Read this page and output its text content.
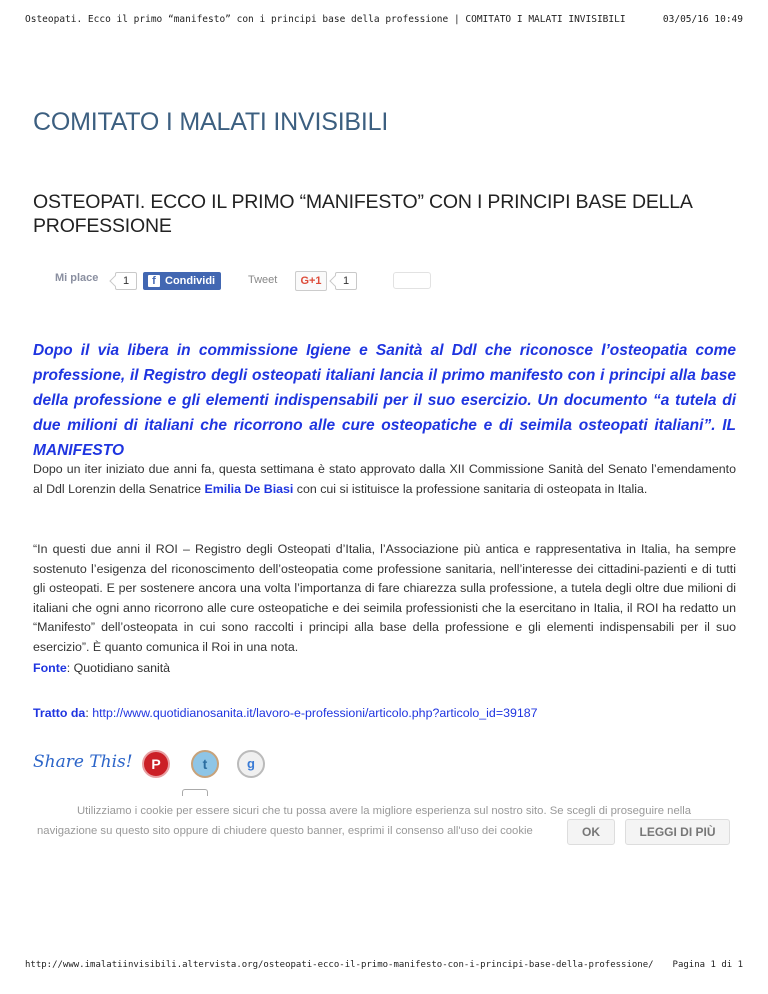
Osteopati. Ecco il primo “manifesto” con i principi base della professione | COMITATO I MALATI INVISIBILI	03/05/16 10:49
COMITATO I MALATI INVISIBILI
OSTEOPATI. ECCO IL PRIMO “MANIFESTO” CON I PRINCIPI BASE DELLA PROFESSIONE
Mi place	1	f Condividi	Tweet	G+1	1

Dopo il via libera in commissione Igiene e Sanità al Ddl che riconosce l’osteopatia come professione, il Registro degli osteopati italiani lancia il primo manifesto con i principi alla base della professione e gli elementi indispensabili per il suo esercizio. Un documento “a tutela di due milioni di italiani che ricorrono alle cure osteopatiche e di seimila osteopati italiani”. IL MANIFESTO

Dopo un iter iniziato due anni fa, questa settimana è stato approvato dalla XII Commissione Sanità del Senato l’emendamento al Ddl Lorenzin della Senatrice Emilia De Biasi con cui si istituisce la professione sanitaria di osteopata in Italia.

“In questi due anni il ROI – Registro degli Osteopati d’Italia, l’Associazione più antica e rappresentativa in Italia, ha sempre sostenuto l’esigenza del riconoscimento dell’osteopatia come professione sanitaria, nell’interesse dei cittadini-pazienti e di tutti gli osteopati. E per sostenere ancora una volta l’importanza di fare chiarezza sulla professione, a tutela degli oltre due milioni di italiani che ogni anno ricorrono alle cure osteopatiche e dei seimila professionisti che la esercitano in Italia, il ROI ha redatto un “Manifesto” dell’osteopata in cui sono raccolti i principi alla base della professione e gli elementi indispensabili per il suo esercizio”. È quanto comunica il Roi in una nota.

Fonte: Quotidiano sanità

Tratto da: http://www.quotidianosanita.it/lavoro-e-professioni/articolo.php?articolo_id=39187

Share This!	P	t	g
Utilizziamo i cookie per essere sicuri che tu possa avere la migliore esperienza sul nostro sito. Se scegli di proseguire nella
navigazione su questo sito oppure di chiudere questo banner, esprimi il consenso all'uso dei cookie	OK	LEGGI DI PIÙ
http://www.imalatiinvisibili.altervista.org/osteopati-ecco-il-primo-manifesto-con-i-principi-base-della-professione/ Pagina 1 di 1
